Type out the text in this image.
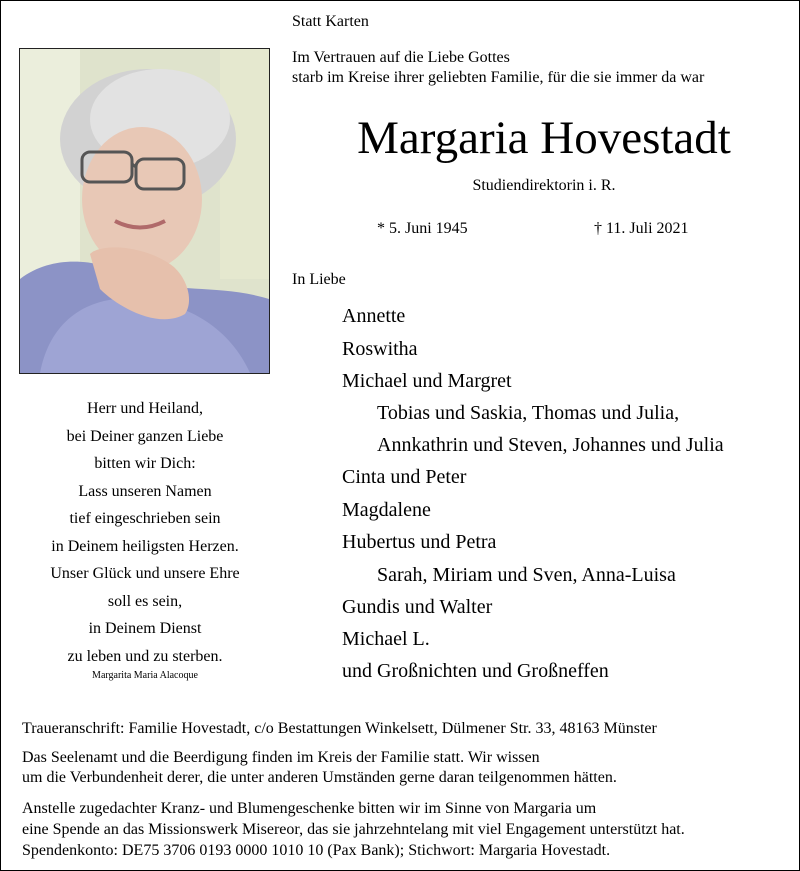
Statt Karten
Im Vertrauen auf die Liebe Gottes
starb im Kreise ihrer geliebten Familie, für die sie immer da war
Margaria Hovestadt
Studiendirektorin i. R.
* 5. Juni 1945	† 11. Juli 2021
In Liebe
Annette
Roswitha
Michael und Margret
Tobias und Saskia, Thomas und Julia,
Annkathrin und Steven, Johannes und Julia
Cinta und Peter
Magdalene
Hubertus und Petra
Sarah, Miriam und Sven, Anna-Luisa
Gundis und Walter
Michael L.
und Großnichten und Großneffen
Herr und Heiland,
bei Deiner ganzen Liebe
bitten wir Dich:
Lass unseren Namen
tief eingeschrieben sein
in Deinem heiligsten Herzen.
Unser Glück und unsere Ehre
soll es sein,
in Deinem Dienst
zu leben und zu sterben.
Margarita Maria Alacoque
Traueranschrift: Familie Hovestadt, c/o Bestattungen Winkelsett, Dülmener Str. 33, 48163 Münster
Das Seelenamt und die Beerdigung finden im Kreis der Familie statt. Wir wissen
um die Verbundenheit derer, die unter anderen Umständen gerne daran teilgenommen hätten.
Anstelle zugedachter Kranz- und Blumengeschenke bitten wir im Sinne von Margaria um
eine Spende an das Missionswerk Misereor, das sie jahrzehntelang mit viel Engagement unterstützt hat.
Spendenkonto: DE75 3706 0193 0000 1010 10 (Pax Bank); Stichwort: Margaria Hovestadt.
